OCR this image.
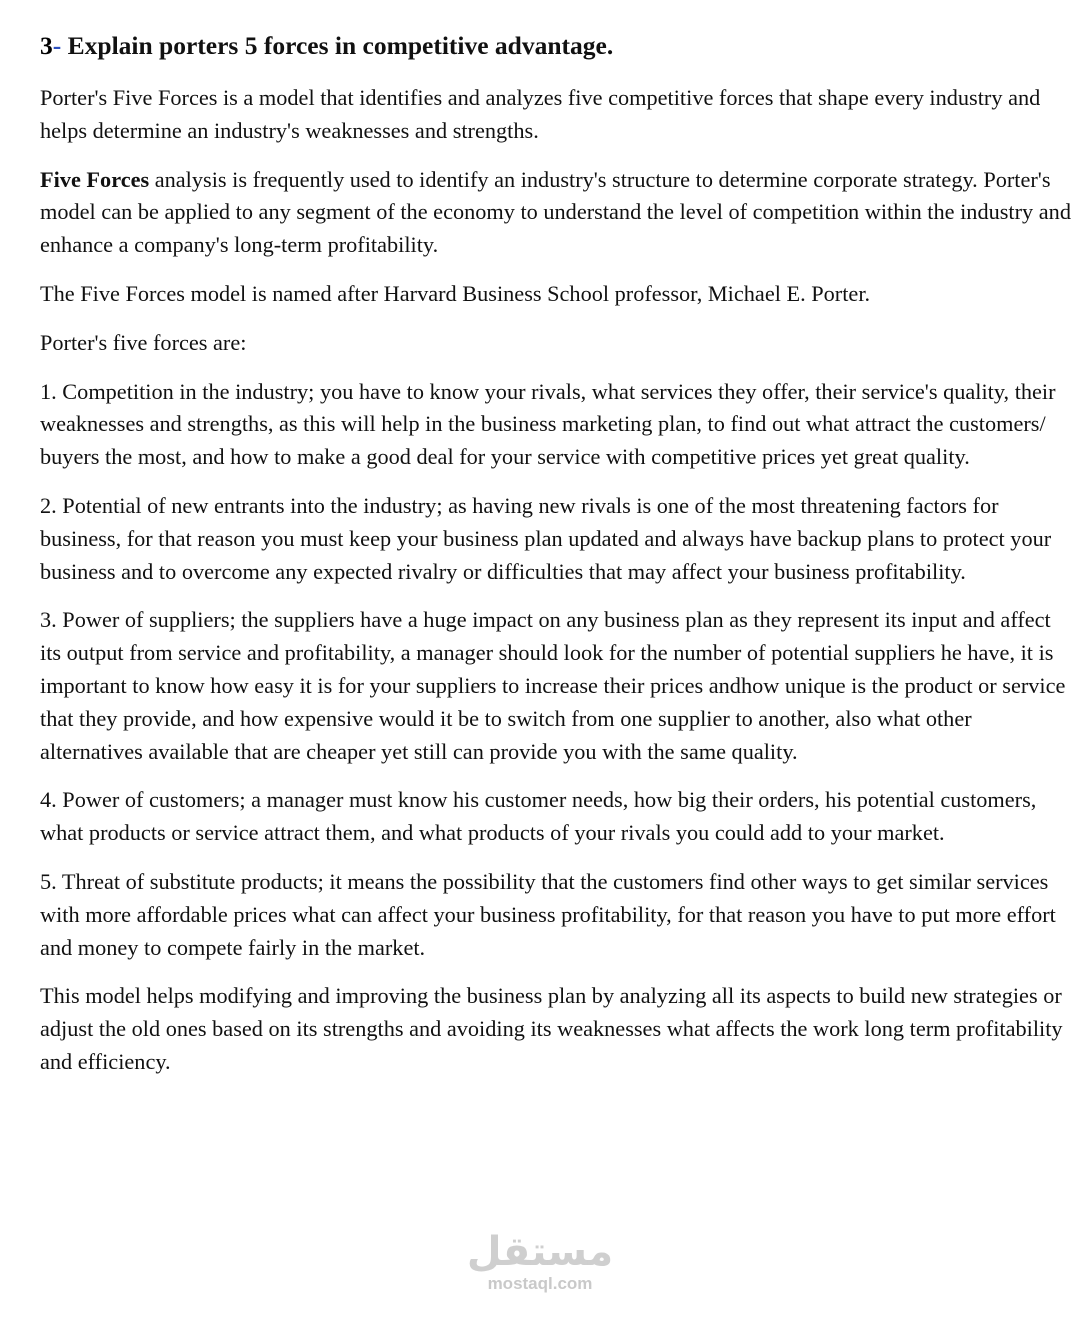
3- Explain porters 5 forces in competitive advantage.

Porter's Five Forces is a model that identifies and analyzes five competitive forces that shape every industry and helps determine an industry's weaknesses and strengths.

Five Forces analysis is frequently used to identify an industry's structure to determine corporate strategy. Porter's model can be applied to any segment of the economy to understand the level of competition within the industry and enhance a company's long-term profitability.

The Five Forces model is named after Harvard Business School professor, Michael E. Porter.

Porter's five forces are:

1. Competition in the industry; you have to know your rivals, what services they offer, their service's quality, their weaknesses and strengths, as this will help in the business marketing plan, to find out what attract the customers/ buyers the most, and how to make a good deal for your service with competitive prices yet great quality.

2. Potential of new entrants into the industry; as having new rivals is one of the most threatening factors for business, for that reason you must keep your business plan updated and always have backup plans to protect your business and to overcome any expected rivalry or difficulties that may affect your business profitability.

3. Power of suppliers; the suppliers have a huge impact on any business plan as they represent its input and affect its output from service and profitability, a manager should look for the number of potential suppliers he have, it is important to know how easy it is for your suppliers to increase their prices andhow unique is the product or service that they provide, and how expensive would it be to switch from one supplier to another, also what other alternatives available that are cheaper yet still can provide you with the same quality.

4. Power of customers; a manager must know his customer needs, how big their orders, his potential customers, what products or service attract them, and what products of your rivals you could add to your market.

5. Threat of substitute products; it means the possibility that the customers find other ways to get similar services with more affordable prices what can affect your business profitability, for that reason you have to put more effort and money to compete fairly in the market.

This model helps modifying and improving the business plan by analyzing all its aspects to build new strategies or adjust the old ones based on its strengths and avoiding its weaknesses what affects the work long term profitability and efficiency.

مستقل
mostaql.com
